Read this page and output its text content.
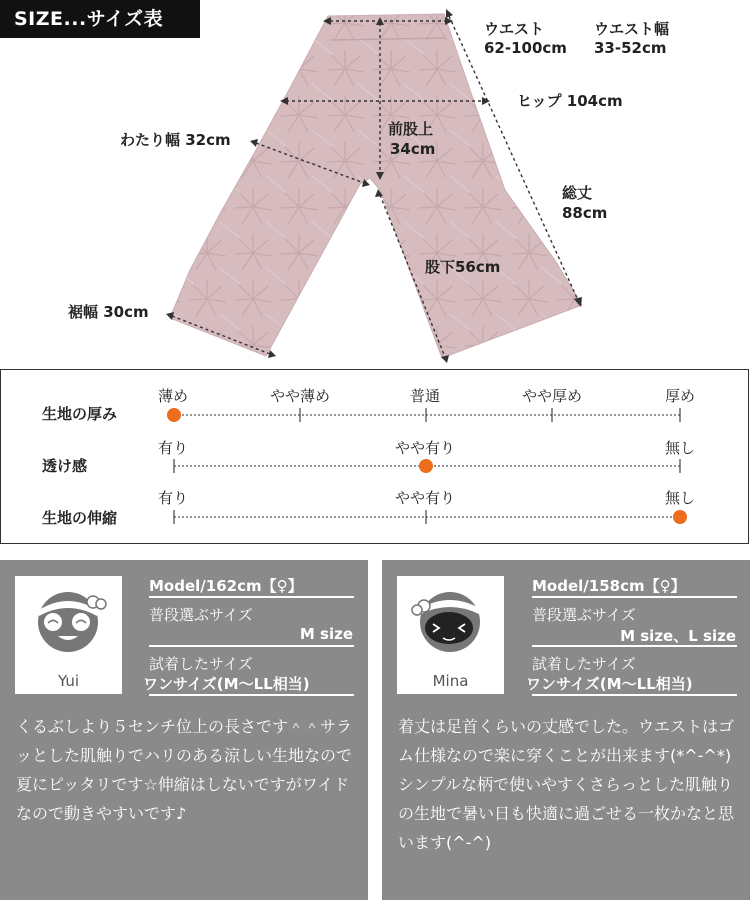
SIZE...サイズ表	ウエスト
62-100cm
ウエスト幅
33-52cm
ヒップ 104cm
前股上
34cm
わたり幅 32cm
総丈
88cm
股下56cm
裾幅 30cm
生地の厚み
薄め	やや薄め	普通	やや厚め	厚め
透け感
有り	やや有り	無し
生地の伸縮
有り	やや有り	無し
Yui
Model/162cm【♀】
普段選ぶサイズ
M size
試着したサイズ
ワンサイズ(M〜LL相当)
くるぶしより５センチ位上の長さです＾＾サラッとした肌触りでハリのある涼しい生地なので夏にピッタリです☆伸縮はしないですがワイドなので動きやすいです♪
Mina
Model/158cm【♀】
普段選ぶサイズ
M size、L size
試着したサイズ
ワンサイズ(M〜LL相当)
着丈は足首くらいの丈感でした。ウエストはゴム仕様なので楽に穿くことが出来ます(*^-^*)シンプルな柄で使いやすくさらっとした肌触りの生地で暑い日も快適に過ごせる一枚かなと思います(^-^)
